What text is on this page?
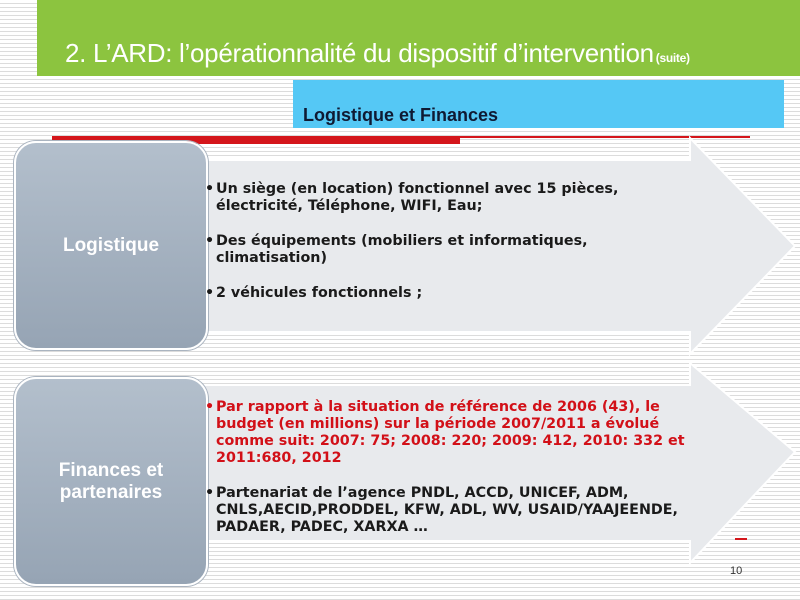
2. L’ARD: l’opérationnalité du dispositif d’intervention (suite)
Logistique et Finances
Logistique
• Un siège (en location) fonctionnel avec 15 pièces, électricité, Téléphone, WIFI, Eau;
• Des équipements (mobiliers et informatiques, climatisation)
• 2 véhicules fonctionnels ;
Finances et partenaires
• Par rapport à la situation de référence de 2006 (43), le budget (en millions) sur la période 2007/2011 a évolué comme suit: 2007: 75; 2008: 220; 2009: 412, 2010: 332 et 2011:680, 2012
• Partenariat de l’agence PNDL, ACCD, UNICEF, ADM, CNLS,AECID,PRODDEL, KFW, ADL, WV, USAID/YAAJEENDE, PADAER, PADEC, XARXA …
10
